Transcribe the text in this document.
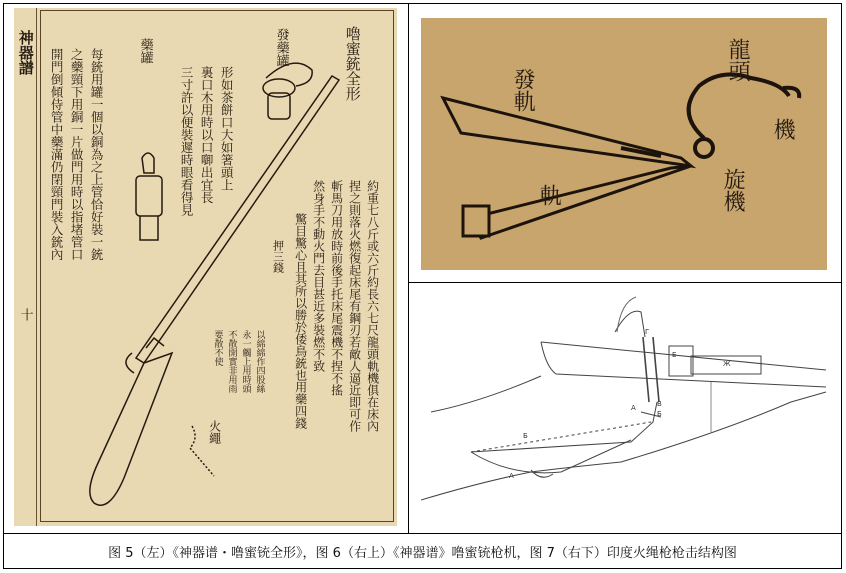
神器譜
十
嚕蜜銃全形
發藥罐
藥罐
每銃用罐一個以銅為之上管恰好裝一銃
之藥頸下用銅一片做門用時以指堵管口
開門倒傾侍管中藥滿仍閉頸門裝入銃內	形如茶餅口大如箸頭上
裏口木用時以口啣出宜長
三寸許以便裝遲時眼看得見
約重七八斤或六斤約長六七尺龍頭軌機俱在床內
捏之則落火燃復起床尾有鋼刃若敵人逼近即可作
斬馬刀用放時前後手托床尾震機不捏不搖
然身手不動火門去目甚近多裝燃不致
驚目驚心且其所以勝於倭鳥銃也用藥四錢
押三錢
以綿綿作四股絲
永一觸上用時頭
不散開實非用雨
要散不使
火繩
龍頭
發軌
機
旋機
軌
А
А
Б
В
Б
Г
Е
Ж
图 5（左）《神器谱・噜蜜铳全形》，图 6（右上）《神器谱》噜蜜铳枪机，图 7（右下）印度火绳枪枪击结构图
